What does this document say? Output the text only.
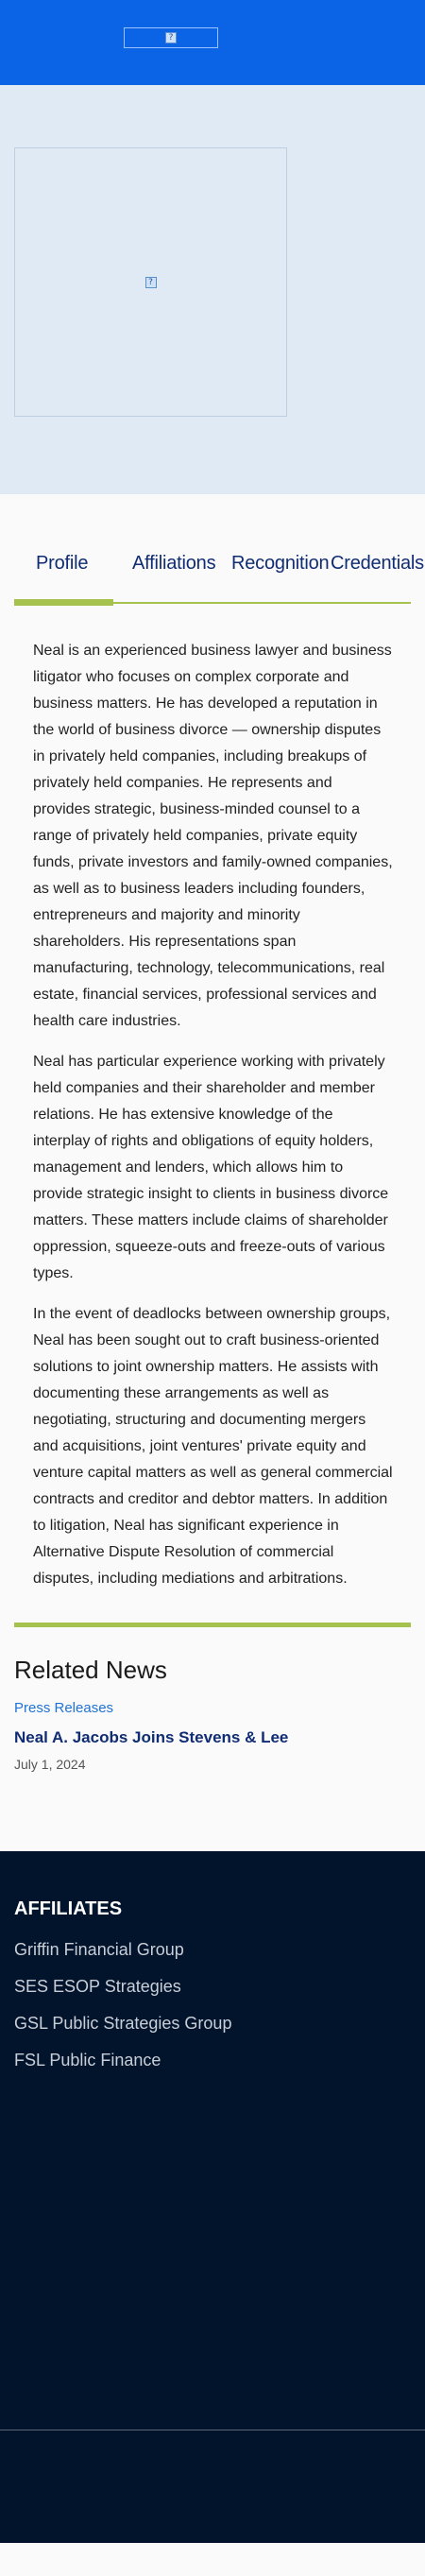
?
?
Profile Affiliations Recognition Credentials

Neal is an experienced business lawyer and business litigator who focuses on complex corporate and business matters. He has developed a reputation in the world of business divorce — ownership disputes in privately held companies, including breakups of privately held companies. He represents and provides strategic, business-minded counsel to a range of privately held companies, private equity funds, private investors and family-owned companies, as well as to business leaders including founders, entrepreneurs and majority and minority shareholders. His representations span manufacturing, technology, telecommunications, real estate, financial services, professional services and health care industries.

Neal has particular experience working with privately held companies and their shareholder and member relations. He has extensive knowledge of the interplay of rights and obligations of equity holders, management and lenders, which allows him to provide strategic insight to clients in business divorce matters. These matters include claims of shareholder oppression, squeeze-outs and freeze-outs of various types.

In the event of deadlocks between ownership groups, Neal has been sought out to craft business-oriented solutions to joint ownership matters. He assists with documenting these arrangements as well as negotiating, structuring and documenting mergers and acquisitions, joint ventures' private equity and venture capital matters as well as general commercial contracts and creditor and debtor matters. In addition to litigation, Neal has significant experience in Alternative Dispute Resolution of commercial disputes, including mediations and arbitrations.

Related News
Press Releases
Neal A. Jacobs Joins Stevens & Lee
July 1, 2024
AFFILIATES
Griffin Financial Group
SES ESOP Strategies
GSL Public Strategies Group
FSL Public Finance
